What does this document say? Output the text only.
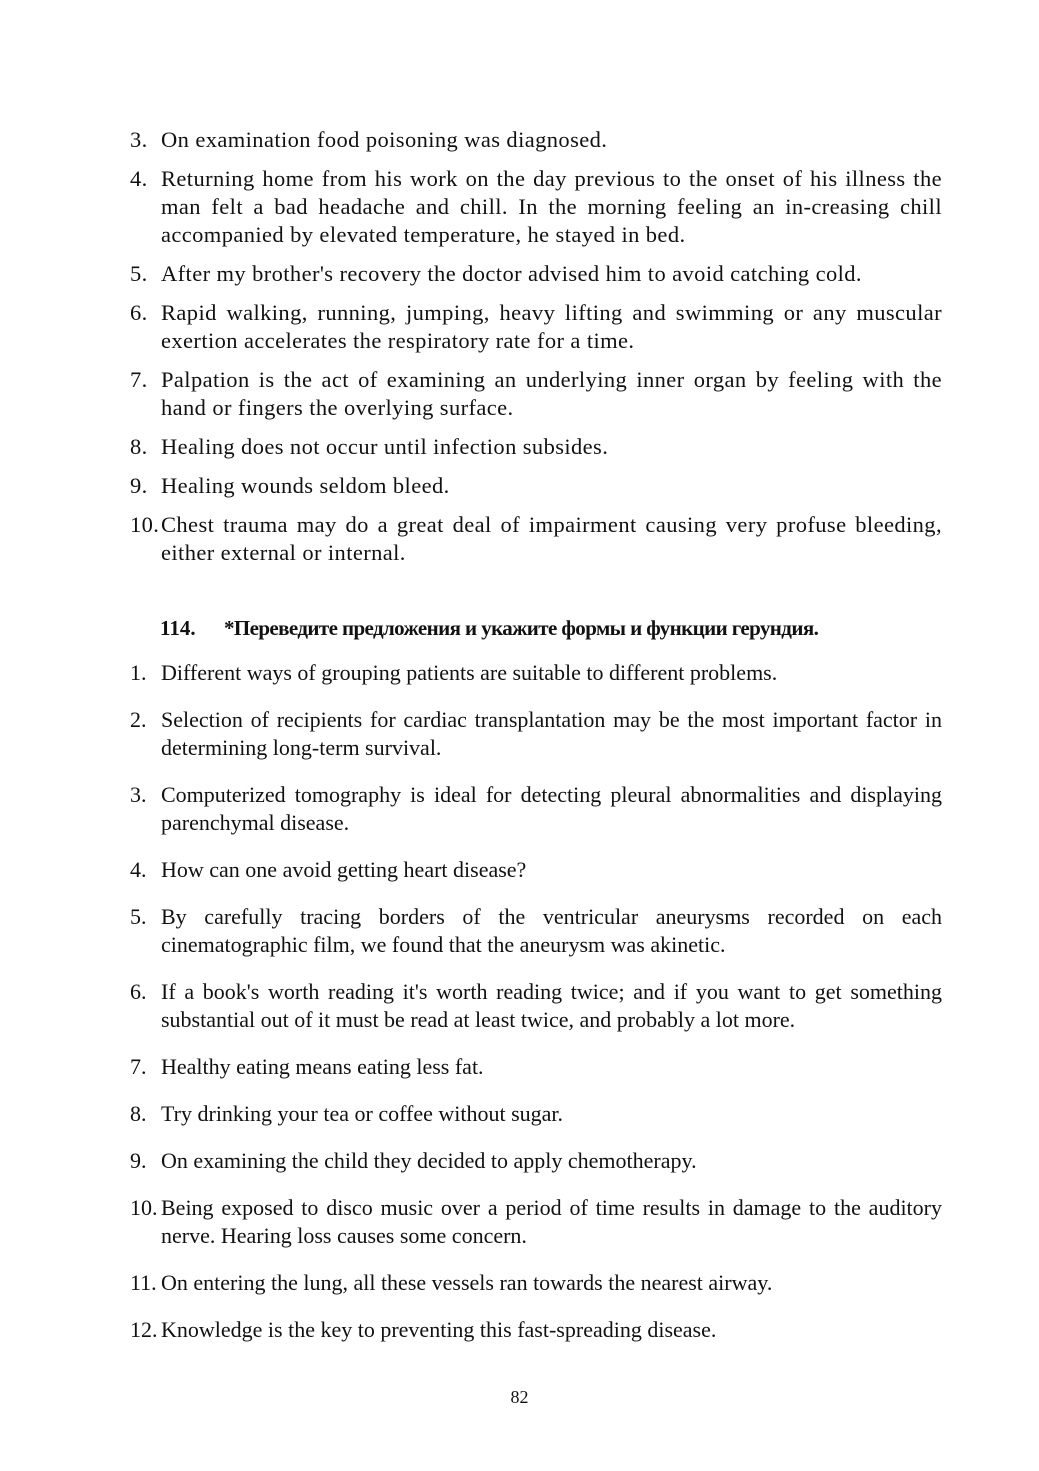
3. On examination food poisoning was diagnosed.
4. Returning home from his work on the day previous to the onset of his illness the man felt a bad headache and chill. In the morning feeling an in-creasing chill accompanied by elevated temperature, he stayed in bed.
5. After my brother's recovery the doctor advised him to avoid catching cold.
6. Rapid walking, running, jumping, heavy lifting and swimming or any muscular exertion accelerates the respiratory rate for a time.
7. Palpation is the act of examining an underlying inner organ by feeling with the hand or fingers the overlying surface.
8. Healing does not occur until infection subsides.
9. Healing wounds seldom bleed.
10. Chest trauma may do a great deal of impairment causing very profuse bleeding, either external or internal.
114. *Переведите предложения и укажите формы и функции герундия.
1. Different ways of grouping patients are suitable to different problems.
2. Selection of recipients for cardiac transplantation may be the most important factor in determining long-term survival.
3. Computerized tomography is ideal for detecting pleural abnormalities and displaying parenchymal disease.
4. How can one avoid getting heart disease?
5. By carefully tracing borders of the ventricular aneurysms recorded on each cinematographic film, we found that the aneurysm was akinetic.
6. If a book's worth reading it's worth reading twice; and if you want to get something substantial out of it must be read at least twice, and probably a lot more.
7. Healthy eating means eating less fat.
8. Try drinking your tea or coffee without sugar.
9. On examining the child they decided to apply chemotherapy.
10. Being exposed to disco music over a period of time results in damage to the auditory nerve. Hearing loss causes some concern.
11. On entering the lung, all these vessels ran towards the nearest airway.
12. Knowledge is the key to preventing this fast-spreading disease.
82
